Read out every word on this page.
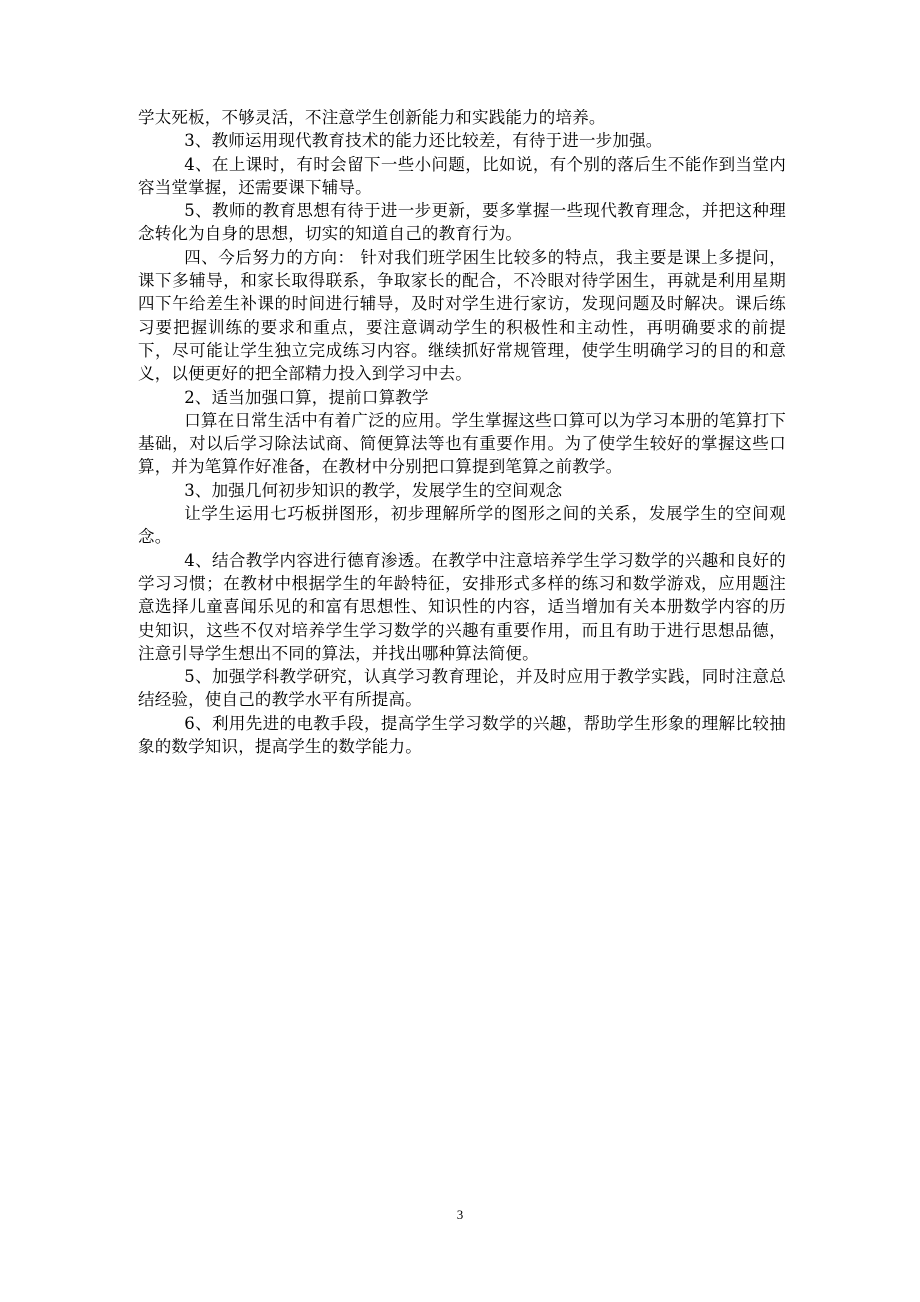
学太死板，不够灵活，不注意学生创新能力和实践能力的培养。

3、教师运用现代教育技术的能力还比较差，有待于进一步加强。

4、在上课时，有时会留下一些小问题，比如说，有个别的落后生不能作到当堂内容当堂掌握，还需要课下辅导。

5、教师的教育思想有待于进一步更新，要多掌握一些现代教育理念，并把这种理念转化为自身的思想，切实的知道自己的教育行为。

四、今后努力的方向： 针对我们班学困生比较多的特点，我主要是课上多提问，课下多辅导，和家长取得联系，争取家长的配合，不冷眼对待学困生，再就是利用星期四下午给差生补课的时间进行辅导，及时对学生进行家访，发现问题及时解决。课后练习要把握训练的要求和重点，要注意调动学生的积极性和主动性，再明确要求的前提下，尽可能让学生独立完成练习内容。继续抓好常规管理，使学生明确学习的目的和意义，以便更好的把全部精力投入到学习中去。

2、适当加强口算，提前口算教学

口算在日常生活中有着广泛的应用。学生掌握这些口算可以为学习本册的笔算打下基础，对以后学习除法试商、简便算法等也有重要作用。为了使学生较好的掌握这些口算，并为笔算作好准备，在教材中分别把口算提到笔算之前教学。

3、加强几何初步知识的教学，发展学生的空间观念

让学生运用七巧板拼图形，初步理解所学的图形之间的关系，发展学生的空间观念。

4、结合教学内容进行德育渗透。在教学中注意培养学生学习数学的兴趣和良好的学习习惯；在教材中根据学生的年龄特征，安排形式多样的练习和数学游戏，应用题注意选择儿童喜闻乐见的和富有思想性、知识性的内容，适当增加有关本册数学内容的历史知识，这些不仅对培养学生学习数学的兴趣有重要作用，而且有助于进行思想品德，注意引导学生想出不同的算法，并找出哪种算法简便。

5、加强学科教学研究，认真学习教育理论，并及时应用于教学实践，同时注意总结经验，使自己的教学水平有所提高。

6、利用先进的电教手段，提高学生学习数学的兴趣，帮助学生形象的理解比较抽象的数学知识，提高学生的数学能力。

3
